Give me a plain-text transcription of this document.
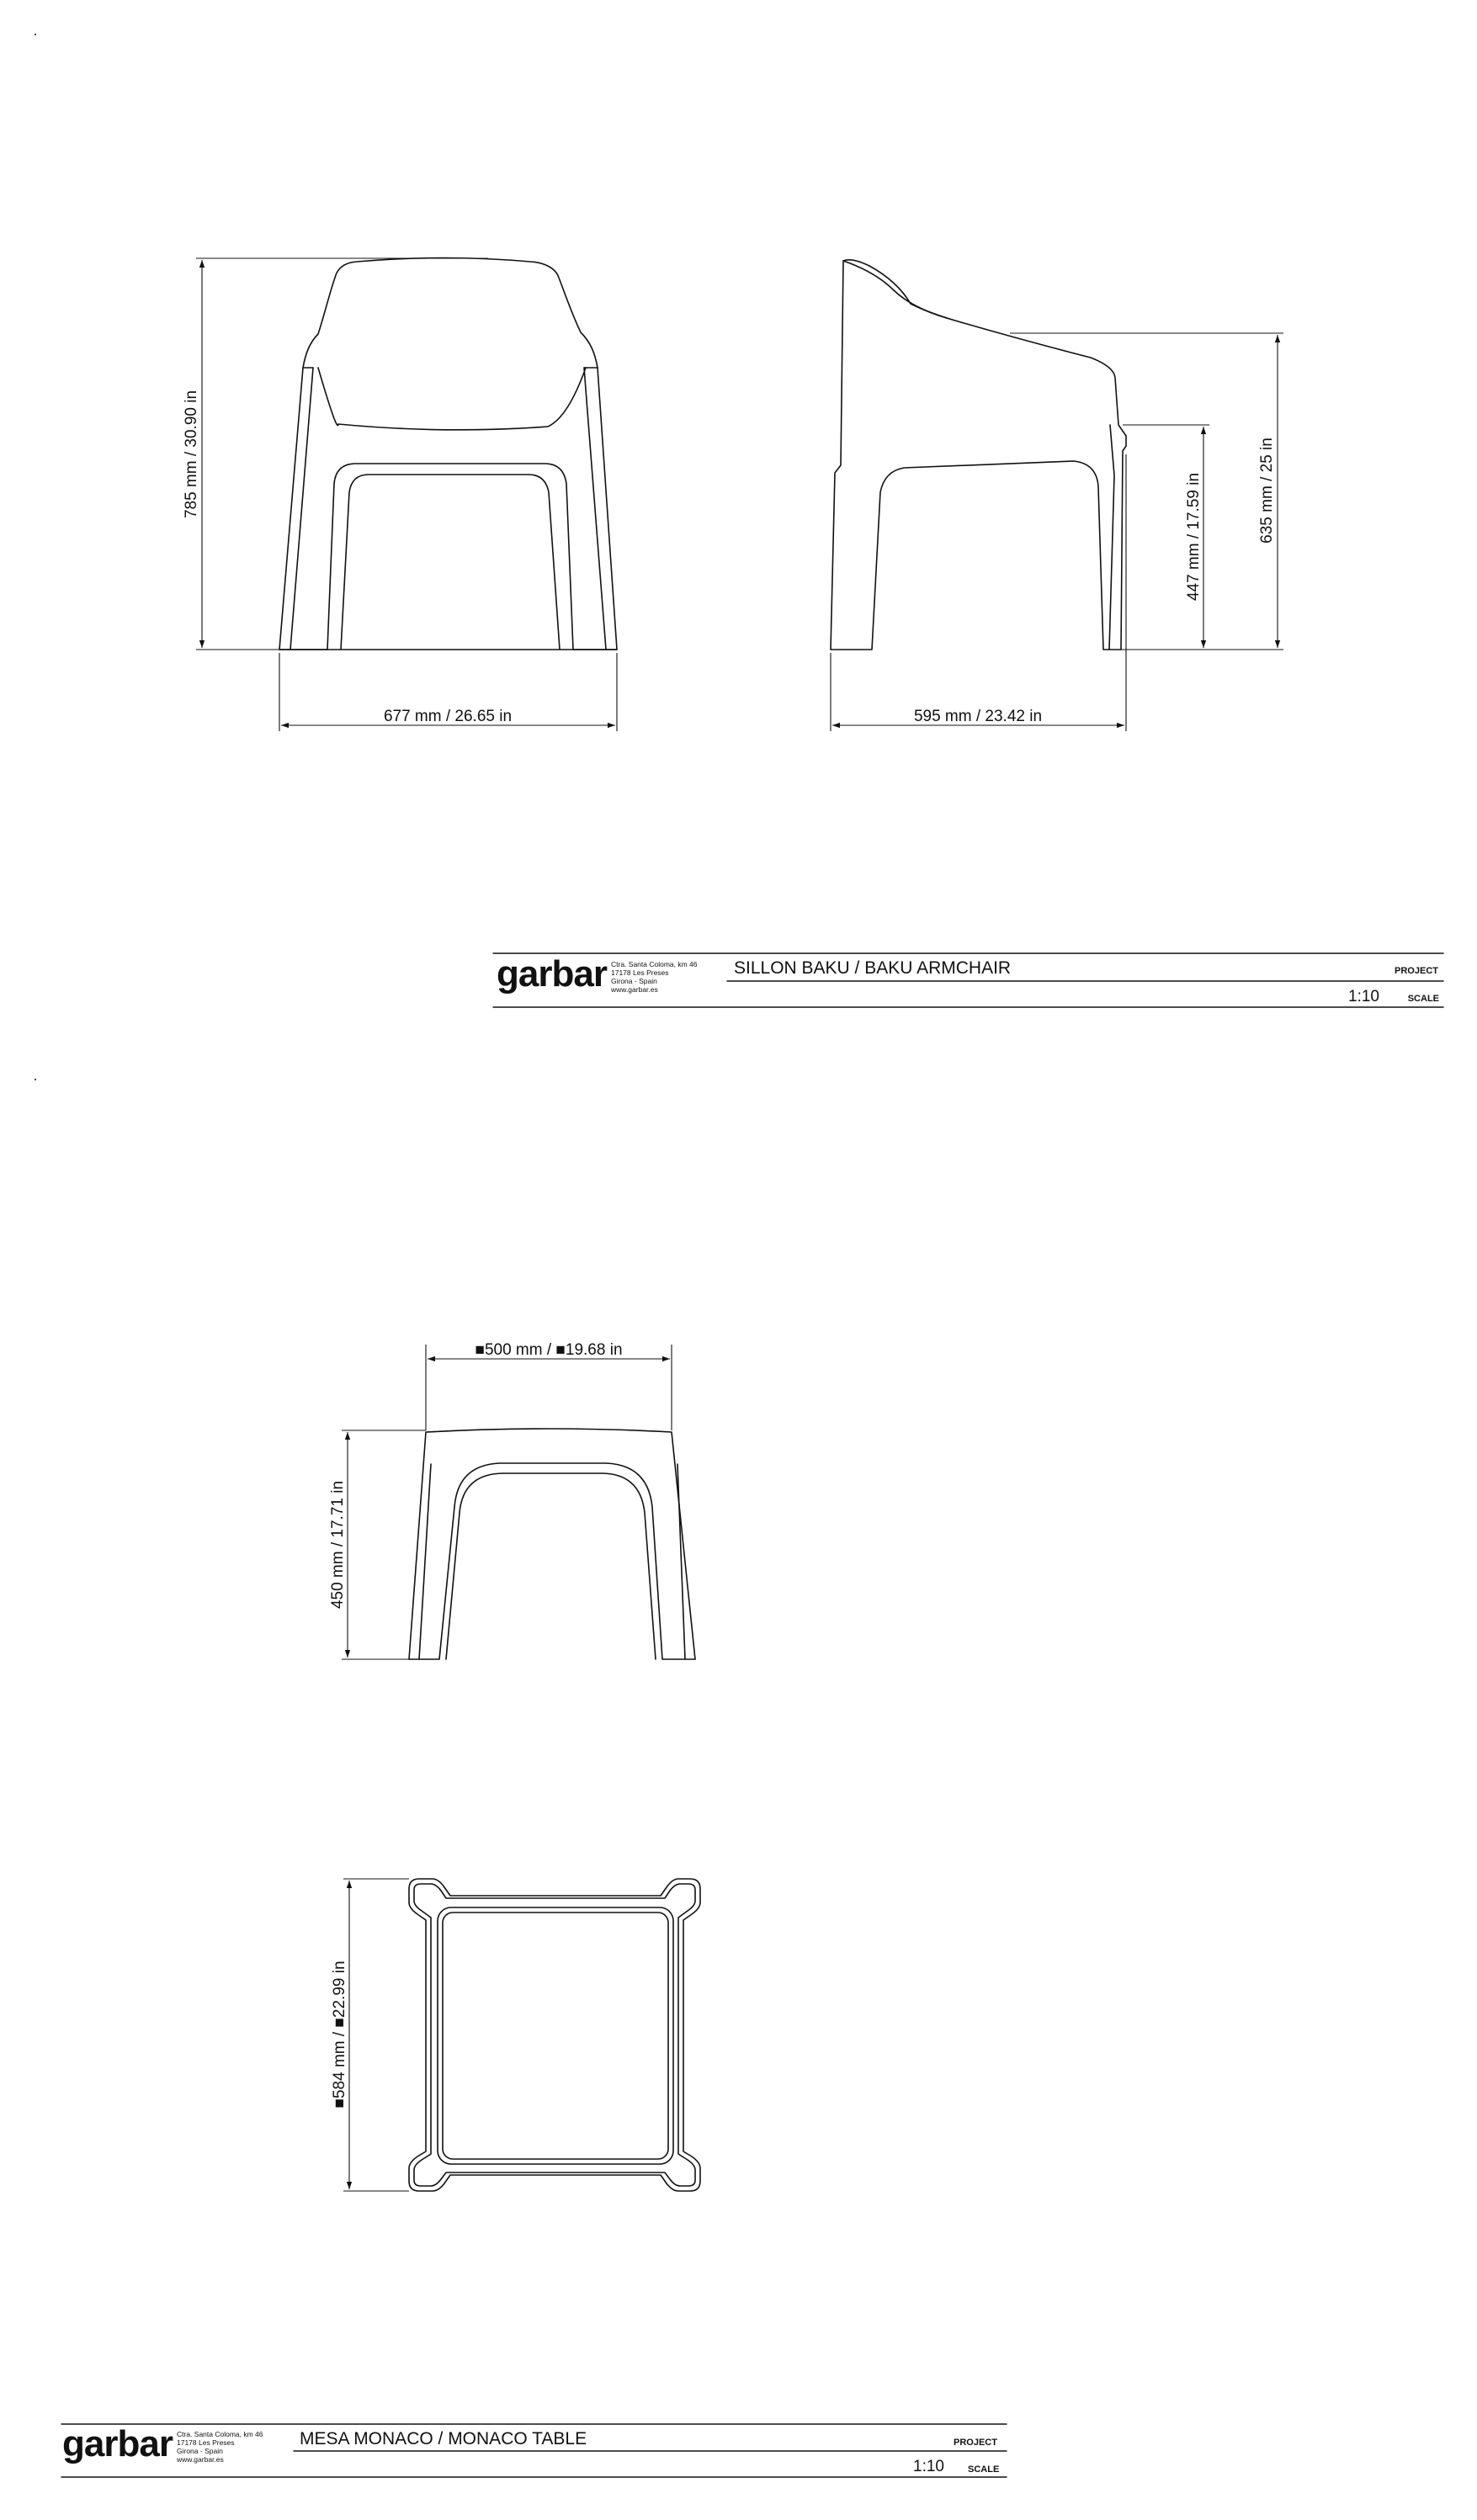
785 mm / 30.90 in
677 mm / 26.65 in	595 mm / 23.42 in
447 mm / 17.59 in	635 mm / 25 in
■500 mm / ■19.68 in
450 mm / 17.71 in
■584 mm / ■22.99 in
garbar Ctra. Santa Coloma, km 46
17178 Les Preses
Girona - Spain
www.garbar.es
SILLON BAKU / BAKU ARMCHAIR	PROJECT
1:10	SCALE
garbar Ctra. Santa Coloma, km 46
17178 Les Preses
Girona - Spain
www.garbar.es
MESA MONACO / MONACO TABLE	PROJECT
1:10	SCALE
